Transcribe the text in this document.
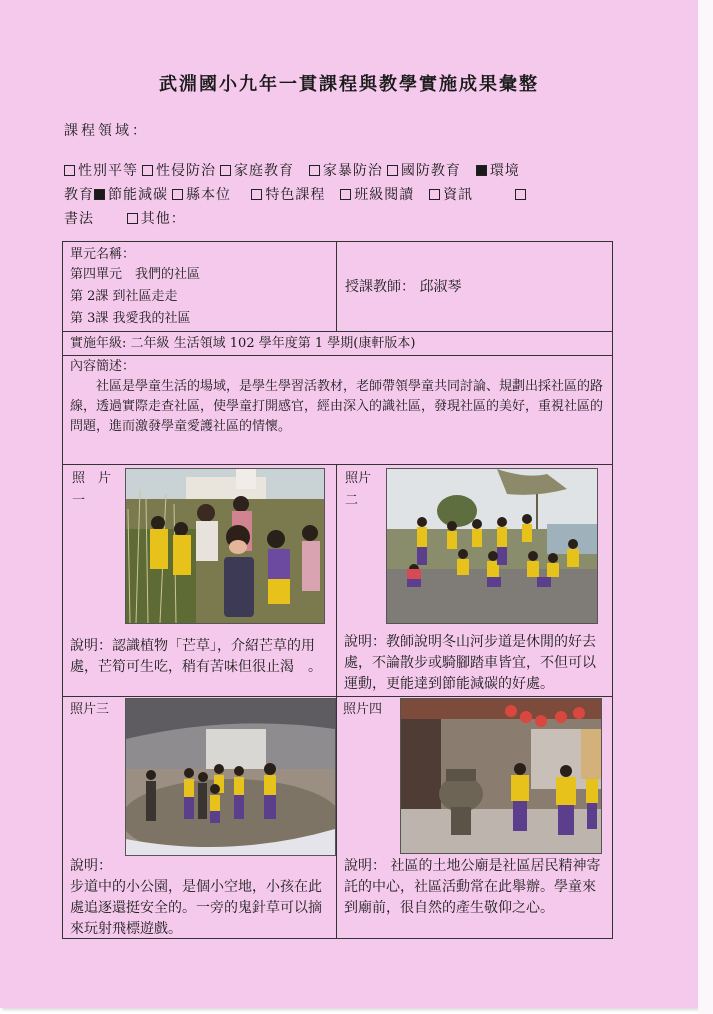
武淵國小九年一貫課程與教學實施成果彙整
課程領域：
性別平等 性侵防治 家庭教育 家暴防治 國防教育 環境
教育 節能減碳 縣本位 特色課程 班級閱讀 資訊
書法	其他：
單元名稱：
第四單元　我們的社區
第 2課 到社區走走
第 3課 我愛我的社區
授課教師： 邱淑琴
實施年級: 二年級 生活領域 102 學年度第 1 學期(康軒版本)
內容簡述：
社區是學童生活的場域，是學生學習活教材，老師帶領學童共同討論、規劃出採社區的路線，透過實際走查社區，使學童打開感官，經由深入的識社區，發現社區的美好，重視社區的問題，進而激發學童愛護社區的情懷。
照　片
一
照片
二
照片三	照片四
說明：認識植物「芒草」，介紹芒草的用處，芒筍可生吃，稍有苦味但很止渴　。
說明：教師說明冬山河步道是休閒的好去處，不論散步或騎腳踏車皆宜，不但可以運動，更能達到節能減碳的好處。
說明：
步道中的小公園，是個小空地，小孩在此處追逐還挺安全的。一旁的鬼針草可以摘來玩射飛標遊戲。
說明： 社區的土地公廟是社區居民精神寄託的中心，社區活動常在此舉辦。學童來到廟前，很自然的產生敬仰之心。
